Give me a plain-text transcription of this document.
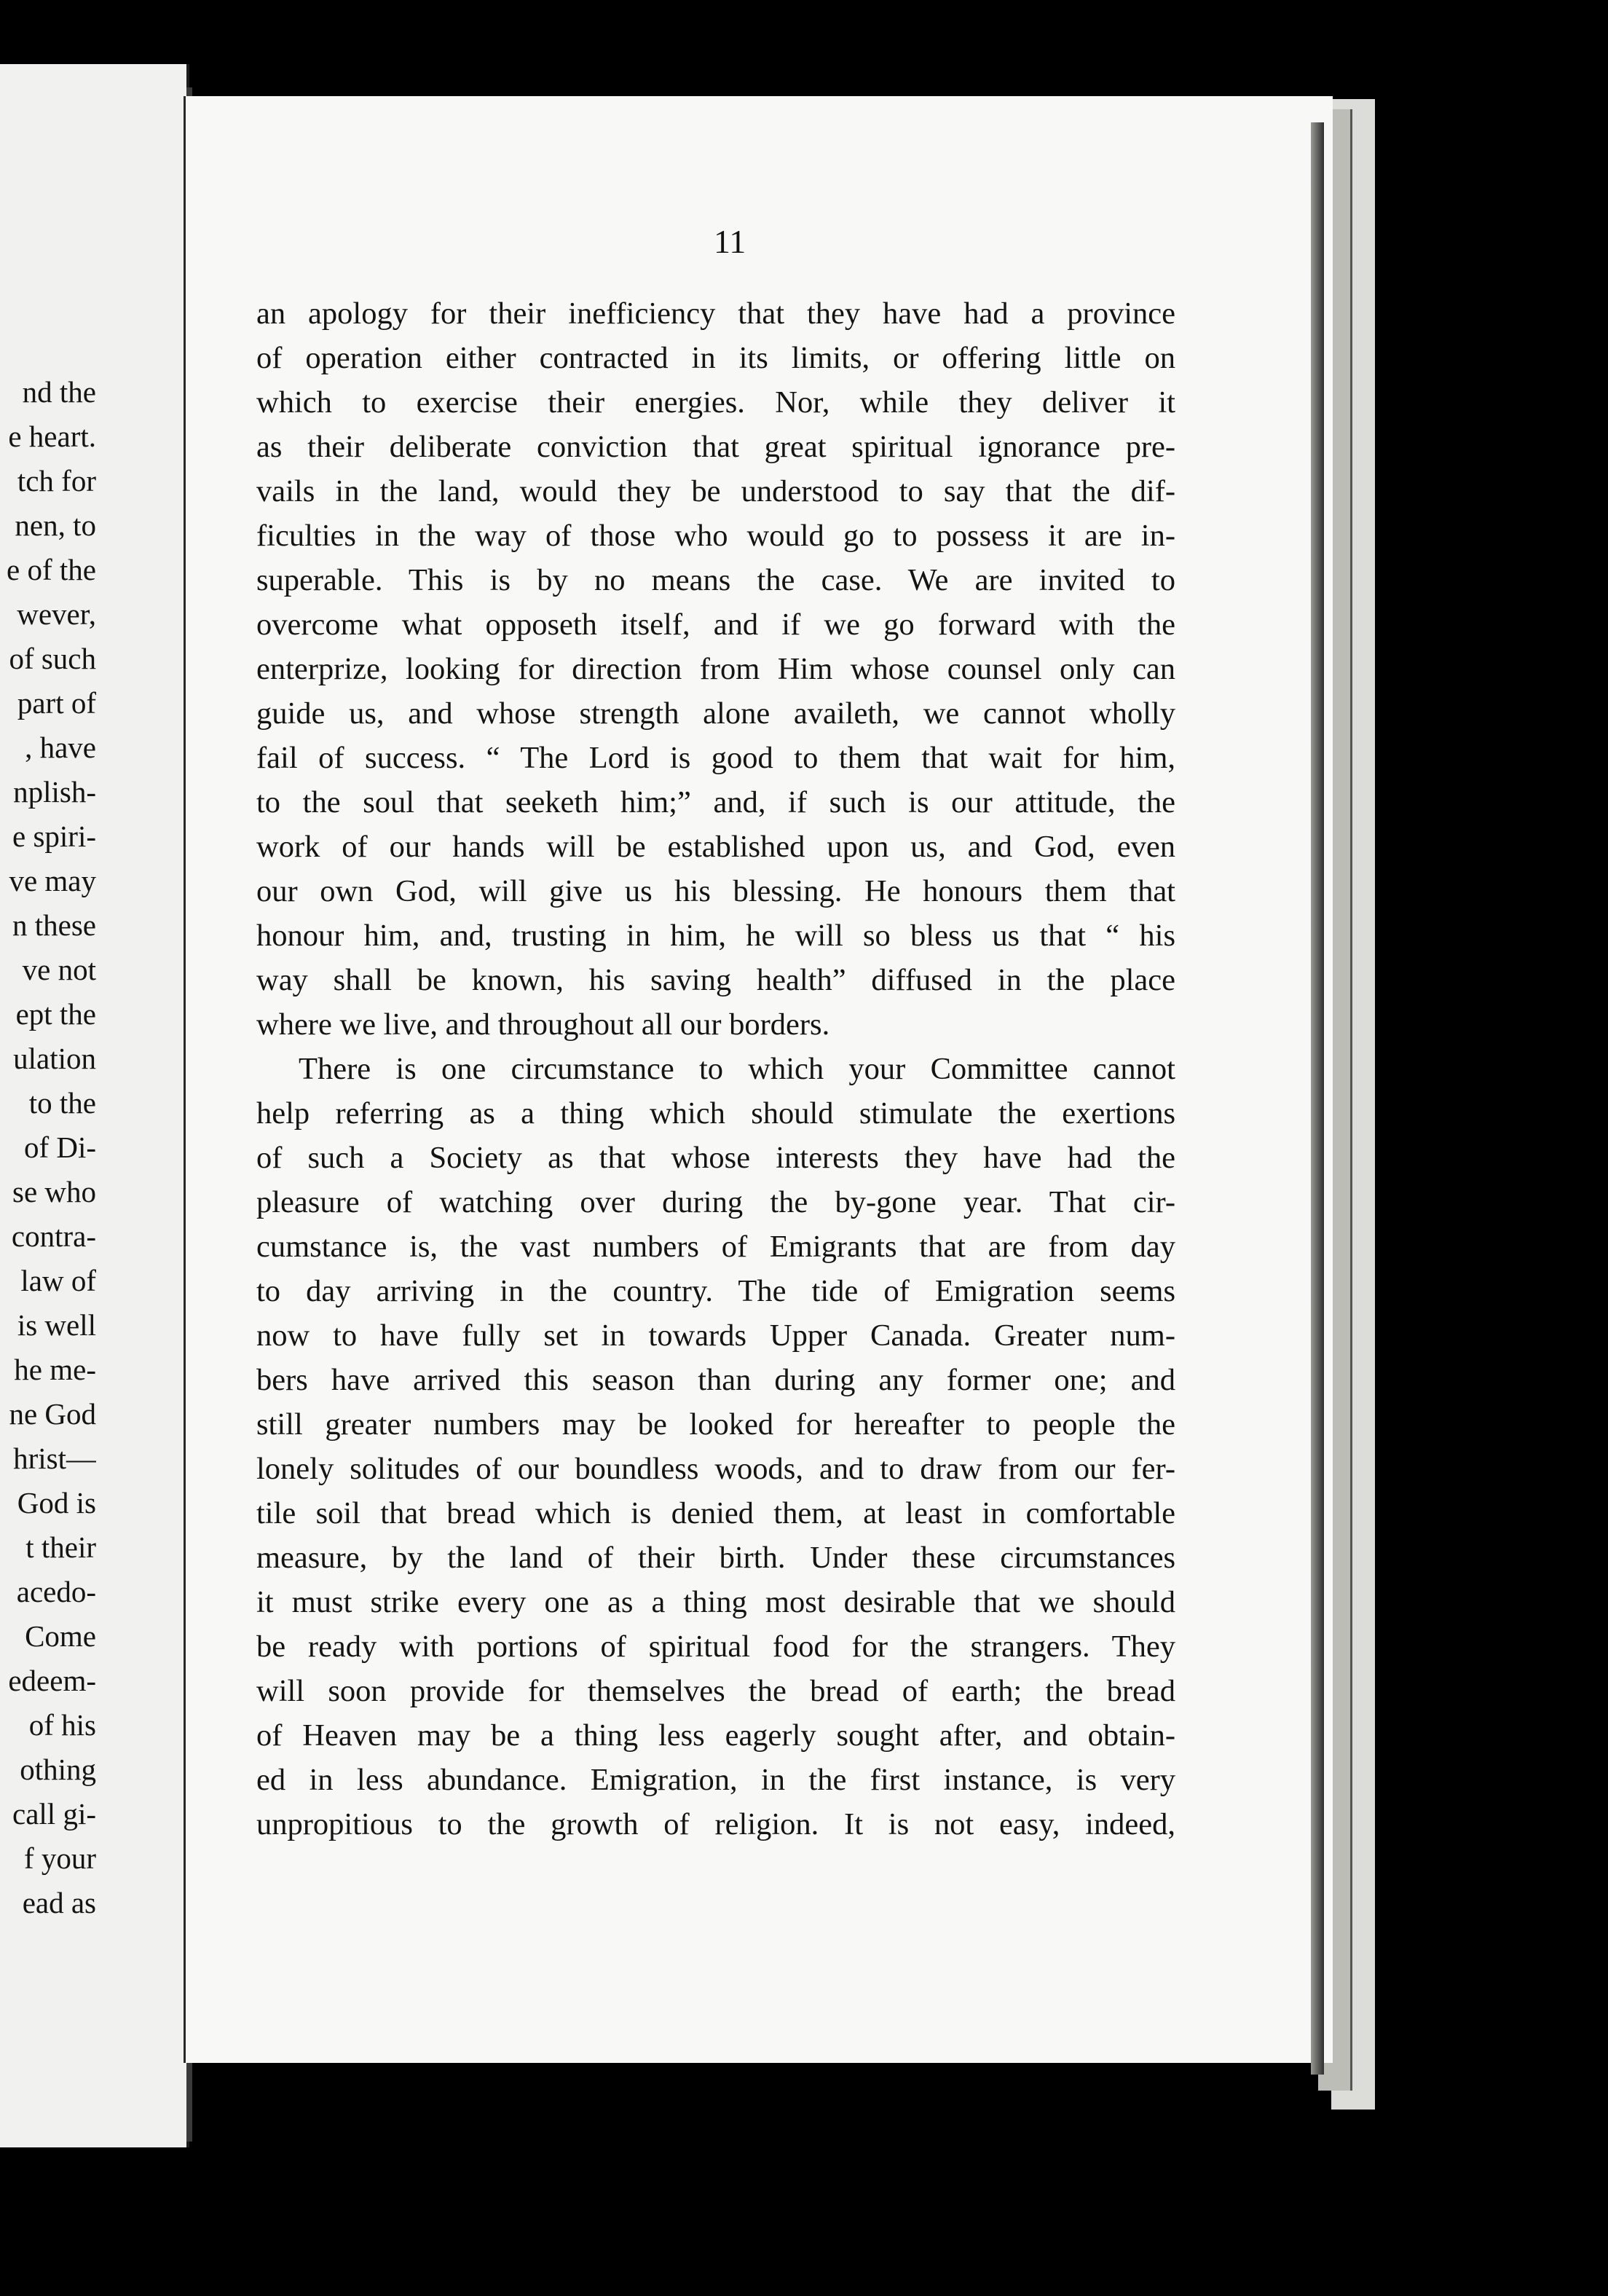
nd the
e heart.
tch for
nen, to
e of the
wever,
of such
part of
, have
nplish-
e spiri-
ve may
n these
ve not
ept the
ulation
to the
of Di-
se who
contra-
law of
is well
he me-
ne God
hrist—
God is
t their
acedo-
Come
edeem-
of his
othing
call gi-
f your
ead as
11
an apology for their inefficiency that they have had a province
of operation either contracted in its limits, or offering little on
which to exercise their energies. Nor, while they deliver it
as their deliberate conviction that great spiritual ignorance pre-
vails in the land, would they be understood to say that the dif-
ficulties in the way of those who would go to possess it are in-
superable. This is by no means the case. We are invited to
overcome what opposeth itself, and if we go forward with the
enterprize, looking for direction from Him whose counsel only can
guide us, and whose strength alone availeth, we cannot wholly
fail of success. “ The Lord is good to them that wait for him,
to the soul that seeketh him;” and, if such is our attitude, the
work of our hands will be established upon us, and God, even
our own God, will give us his blessing. He honours them that
honour him, and, trusting in him, he will so bless us that “ his
way shall be known, his saving health” diffused in the place
where we live, and throughout all our borders.
There is one circumstance to which your Committee cannot
help referring as a thing which should stimulate the exertions
of such a Society as that whose interests they have had the
pleasure of watching over during the by-gone year. That cir-
cumstance is, the vast numbers of Emigrants that are from day
to day arriving in the country. The tide of Emigration seems
now to have fully set in towards Upper Canada. Greater num-
bers have arrived this season than during any former one; and
still greater numbers may be looked for hereafter to people the
lonely solitudes of our boundless woods, and to draw from our fer-
tile soil that bread which is denied them, at least in comfortable
measure, by the land of their birth. Under these circumstances
it must strike every one as a thing most desirable that we should
be ready with portions of spiritual food for the strangers. They
will soon provide for themselves the bread of earth; the bread
of Heaven may be a thing less eagerly sought after, and obtain-
ed in less abundance. Emigration, in the first instance, is very
unpropitious to the growth of religion. It is not easy, indeed,
